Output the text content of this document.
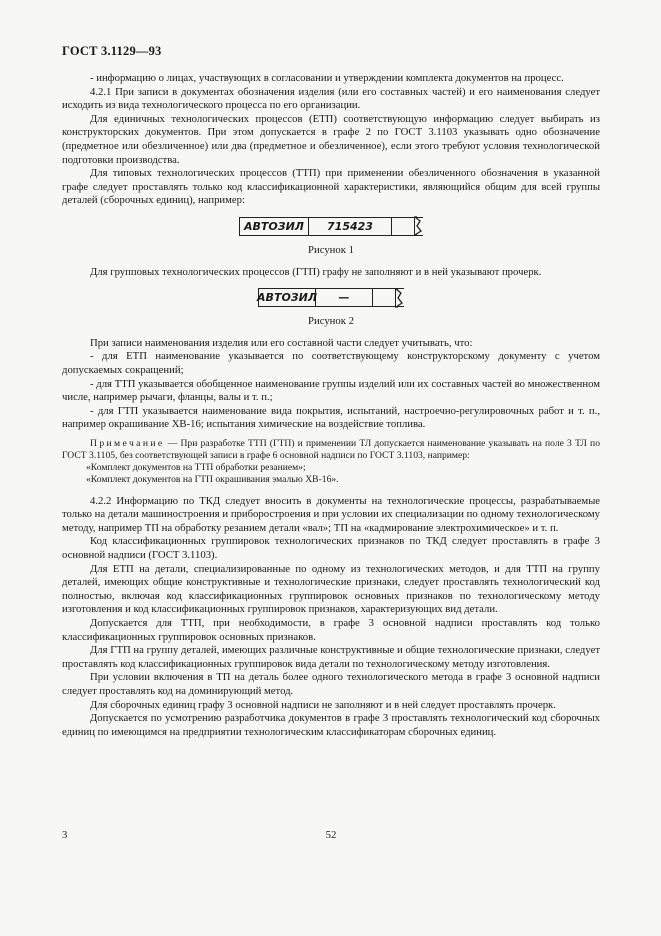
ГОСТ 3.1129—93

- информацию о лицах, участвующих в согласовании и утверждении комплекта документов на процесс.

4.2.1 При записи в документах обозначения изделия (или его составных частей) и его наименования следует исходить из вида технологического процесса по его организации.

Для единичных технологических процессов (ЕТП) соответствующую информацию следует выбирать из конструкторских документов. При этом допускается в графе 2 по ГОСТ 3.1103 указывать одно обозначение (предметное или обезличенное) или два (предметное и обезличенное), если этого требуют условия технологической подготовки производства.

Для типовых технологических процессов (ТТП) при применении обезличенного обозначения в указанной графе следует проставлять только код классификационной характеристики, являющийся общим для всей группы деталей (сборочных единиц), например:

АВТОЗИЛ	715423
Рисунок 1

Для групповых технологических процессов (ГТП) графу не заполняют и в ней указывают прочерк.

АВТОЗИЛ	—
Рисунок 2

При записи наименования изделия или его составной части следует учитывать, что:

- для ЕТП наименование указывается по соответствующему конструкторскому документу с учетом допускаемых сокращений;

- для ТТП указывается обобщенное наименование группы изделий или их составных частей во множественном числе, например рычаги, фланцы, валы и т. п.;

- для ГТП указывается наименование вида покрытия, испытаний, настроечно-регулировочных работ и т. п., например окрашивание ХВ-16; испытания химические на воздействие топлива.

Примечание — При разработке ТТП (ГТП) и применении ТЛ допускается наименование указывать на поле 3 ТЛ по ГОСТ 3.1105, без соответствующей записи в графе 6 основной надписи по ГОСТ 3.1103, например:
«Комплект документов на ТТП обработки резанием»;
«Комплект документов на ГТП окрашивания эмалью ХВ-16».

4.2.2 Информацию по ТКД следует вносить в документы на технологические процессы, разрабатываемые только на детали машиностроения и приборостроения и при условии их специализации по одному технологическому методу, например ТП на обработку резанием детали «вал»; ТП на «кадмирование электрохимическое» и т. п.

Код классификационных группировок технологических признаков по ТКД следует проставлять в графе 3 основной надписи (ГОСТ 3.1103).

Для ЕТП на детали, специализированные по одному из технологических методов, и для ТТП на группу деталей, имеющих общие конструктивные и технологические признаки, следует проставлять технологический код полностью, включая код классификационных группировок основных признаков по технологическому методу изготовления и код классификационных группировок признаков, характеризующих вид детали.

Допускается для ТТП, при необходимости, в графе 3 основной надписи проставлять код только классификационных группировок основных признаков.

Для ГТП на группу деталей, имеющих различные конструктивные и общие технологические признаки, следует проставлять код классификационных группировок вида детали по технологическому методу изготовления.

При условии включения в ТП на деталь более одного технологического метода в графе 3 основной надписи следует проставлять код на доминирующий метод.

Для сборочных единиц графу 3 основной надписи не заполняют и в ней следует проставлять прочерк.

Допускается по усмотрению разработчика документов в графе 3 проставлять технологический код сборочных единиц по имеющимся на предприятии технологическим классификаторам сборочных единиц.

3	52
